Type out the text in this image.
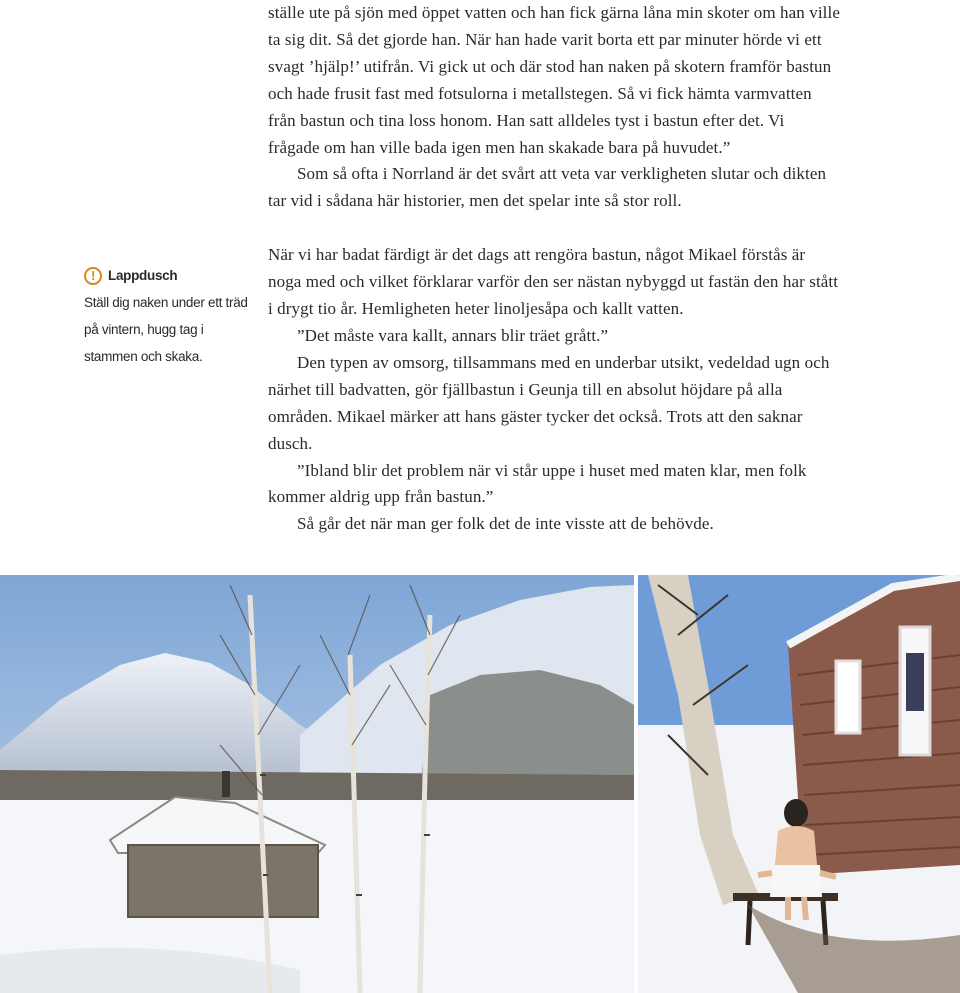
ställe ute på sjön med öppet vatten och han fick gärna låna min skoter om han ville ta sig dit. Så det gjorde han. När han hade varit borta ett par minuter hörde vi ett svagt ’hjälp!’ utifrån. Vi gick ut och där stod han naken på skotern framför bastun och hade frusit fast med fotsulorna i metallstegen. Så vi fick hämta varmvatten från bastun och tina loss honom. Han satt alldeles tyst i bastun efter det. Vi frågade om han ville bada igen men han skakade bara på huvudet.”

Som så ofta i Norrland är det svårt att veta var verkligheten slutar och dikten tar vid i sådana här historier, men det spelar inte så stor roll.

När vi har badat färdigt är det dags att rengöra bastun, något Mikael förstås är noga med och vilket förklarar varför den ser nästan nybyggd ut fastän den har stått i drygt tio år. Hemligheten heter linoljesåpa och kallt vatten.

”Det måste vara kallt, annars blir träet grått.”

Den typen av omsorg, tillsammans med en underbar utsikt, vedeldad ugn och närhet till badvatten, gör fjällbastun i Geunja till en absolut höjdare på alla områden. Mikael märker att hans gäster tycker det också. Trots att den saknar dusch.

”Ibland blir det problem när vi står uppe i huset med maten klar, men folk kommer aldrig upp från bastun.”

Så går det när man ger folk det de inte visste att de behövde.

! Lappdusch

Ställ dig naken under ett träd på vintern, hugg tag i stammen och skaka.
